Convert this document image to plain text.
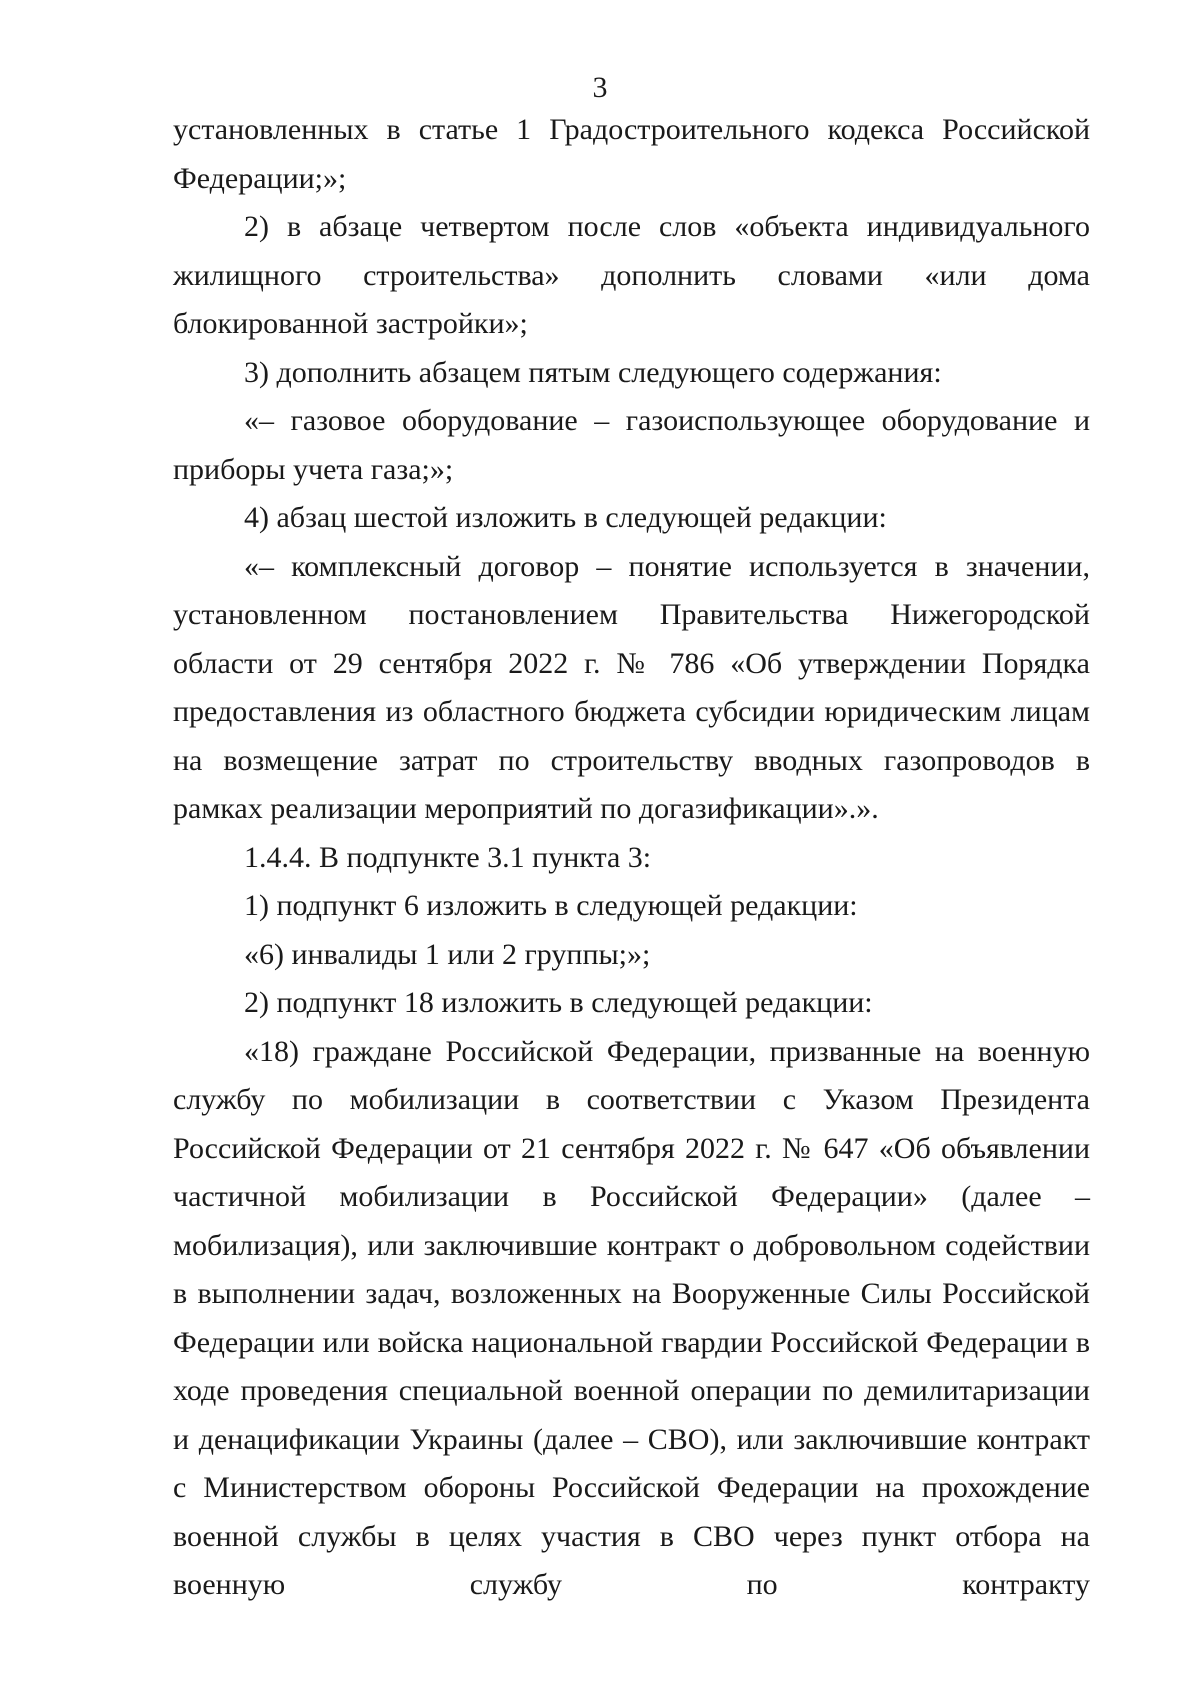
3

установленных в статье 1 Градостроительного кодекса Российской Федерации;»;

2) в абзаце четвертом после слов «объекта индивидуального жилищного строительства» дополнить словами «или дома блокированной застройки»;

3) дополнить абзацем пятым следующего содержания:

«– газовое оборудование – газоиспользующее оборудование и приборы учета газа;»;

4) абзац шестой изложить в следующей редакции:

«– комплексный договор – понятие используется в значении, установленном постановлением Правительства Нижегородской области от 29 сентября 2022 г. № 786 «Об утверждении Порядка предоставления из областного бюджета субсидии юридическим лицам на возмещение затрат по строительству вводных газопроводов в рамках реализации мероприятий по догазификации».».

1.4.4. В подпункте 3.1 пункта 3:

1) подпункт 6 изложить в следующей редакции:

«6) инвалиды 1 или 2 группы;»;

2) подпункт 18 изложить в следующей редакции:

«18) граждане Российской Федерации, призванные на военную службу по мобилизации в соответствии с Указом Президента Российской Федерации от 21 сентября 2022 г. № 647 «Об объявлении частичной мобилизации в Российской Федерации» (далее – мобилизация), или заключившие контракт о добровольном содействии в выполнении задач, возложенных на Вооруженные Силы Российской Федерации или войска национальной гвардии Российской Федерации в ходе проведения специальной военной операции по демилитаризации и денацификации Украины (далее – СВО), или заключившие контракт с Министерством обороны Российской Федерации на прохождение военной службы в целях участия в СВО через пункт отбора на военную службу по контракту
